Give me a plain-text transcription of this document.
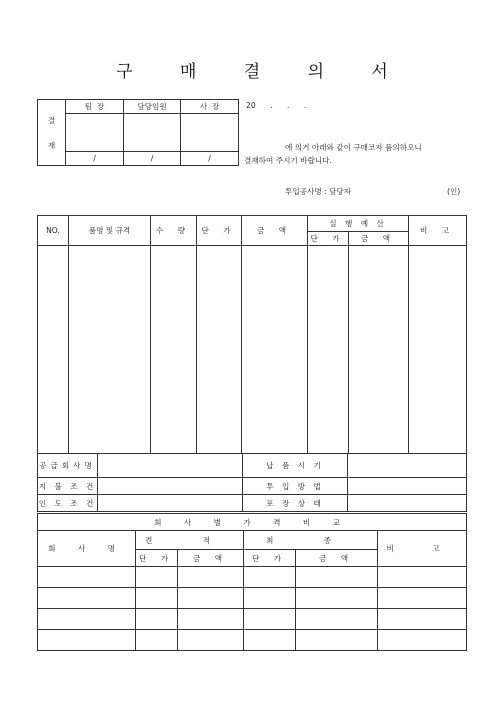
구 매 결 의 서
결
재	팀  장	담당임원	사  장

	/	/	/
20      .      .      .
에 의거 아래와 같이 구매코자 품의하오니
결재하여 주시기 바랍니다.
투입공사명 : 담당자	(인)
NO.	품명 및 규격	수 량	단 가	금 액	실 행 예 산		비 고
					단 가	금 액	

공급회사명		납 품 시 기	
지 불 조 건		투 입 방 법	
인 도 조 건		포 장 상 태	
회 사 별 가 격 비 교					
회 사 명	견 적		최 종		비 고
	단 가	금 액	단 가	금 액	
